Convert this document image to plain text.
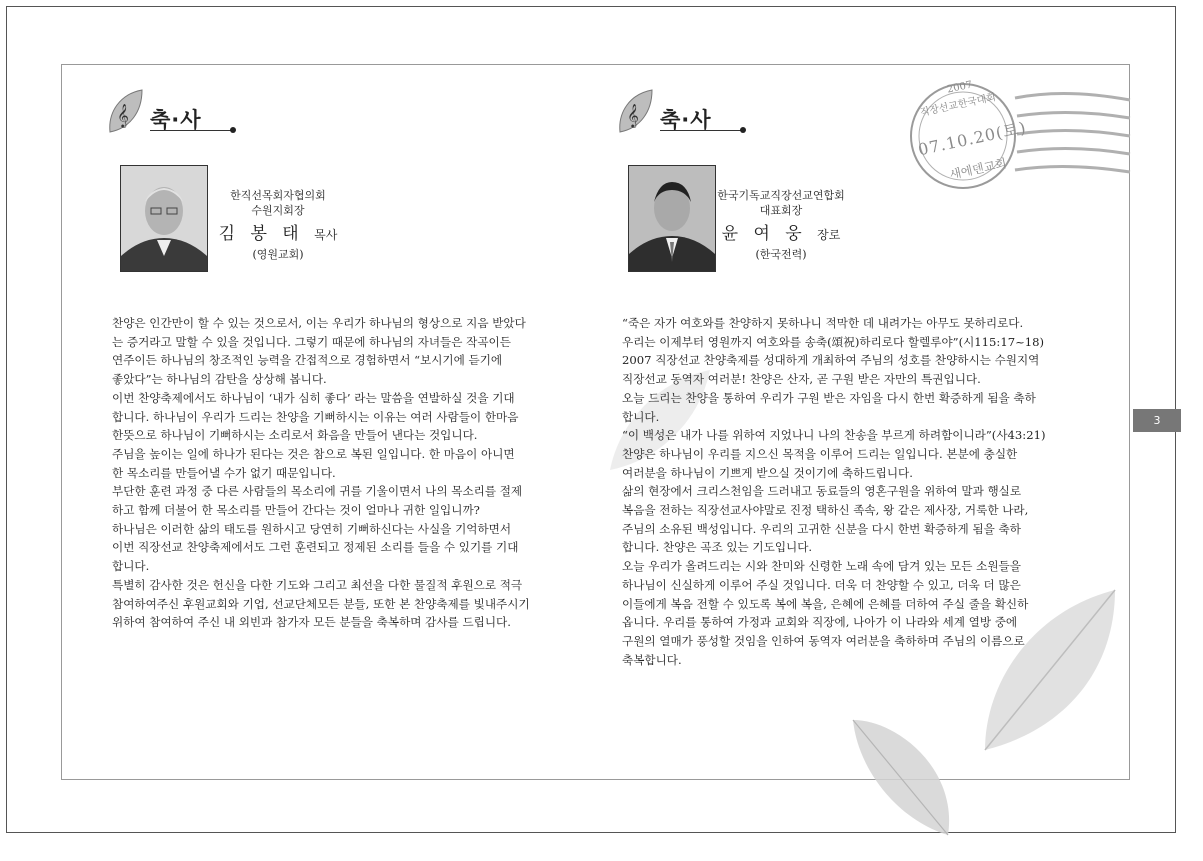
3
2007
직장선교한국대회
07.10.20(토)
새에덴교회
𝄞 축·사
한직선목회자협의회
수원지회장
김 봉 태 목사
(영원교회)

찬양은 인간만이 할 수 있는 것으로서, 이는 우리가 하나님의 형상으로 지음 받았다

는 증거라고 말할 수 있을 것입니다. 그렇기 때문에 하나님의 자녀들은 작곡이든

연주이든 하나님의 창조적인 능력을 간접적으로 경험하면서 “보시기에 듣기에

좋았다”는 하나님의 감탄을 상상해 봅니다.

이번 찬양축제에서도 하나님이 ‘내가 심히 좋다’ 라는 말씀을 연발하실 것을 기대

합니다. 하나님이 우리가 드리는 찬양을 기뻐하시는 이유는 여러 사람들이 한마음

한뜻으로 하나님이 기뻐하시는 소리로서 화음을 만들어 낸다는 것입니다.

주님을 높이는 일에 하나가 된다는 것은 참으로 복된 일입니다. 한 마음이 아니면

한 목소리를 만들어낼 수가 없기 때문입니다.

부단한 훈련 과정 중 다른 사람들의 목소리에 귀를 기울이면서 나의 목소리를 절제

하고 함께 더불어 한 목소리를 만들어 간다는 것이 얼마나 귀한 일입니까?

하나님은 이러한 삶의 태도를 원하시고 당연히 기뻐하신다는 사실을 기억하면서

이번 직장선교 찬양축제에서도 그런 훈련되고 정제된 소리를 들을 수 있기를 기대

합니다.

특별히 감사한 것은 헌신을 다한 기도와 그리고 최선을 다한 물질적 후원으로 적극

참여하여주신 후원교회와 기업, 선교단체모든 분들, 또한 본 찬양축제를 빛내주시기

위하여 참여하여 주신 내 외빈과 참가자 모든 분들을 축복하며 감사를 드립니다.

𝄞 축·사
한국기독교직장선교연합회
대표회장
윤 여 웅 장로
(한국전력)

“죽은 자가 여호와를 찬양하지 못하나니 적막한 데 내려가는 아무도 못하리로다.

우리는 이제부터 영원까지 여호와를 송축(頌祝)하리로다 할렐루야”(시115:17~18)

2007 직장선교 찬양축제를 성대하게 개최하여 주님의 성호를 찬양하시는 수원지역

직장선교 동역자 여러분! 찬양은 산자, 곧 구원 받은 자만의 특권입니다.

오늘 드리는 찬양을 통하여 우리가 구원 받은 자임을 다시 한번 확증하게 됨을 축하

합니다.

“이 백성은 내가 나를 위하여 지었나니 나의 찬송을 부르게 하려함이니라”(사43:21)

찬양은 하나님이 우리를 지으신 목적을 이루어 드리는 일입니다. 본분에 충실한

여러분을 하나님이 기쁘게 받으실 것이기에 축하드립니다.

삶의 현장에서 크리스천임을 드러내고 동료들의 영혼구원을 위하여 말과 행실로

복음을 전하는 직장선교사야말로 진정 택하신 족속, 왕 같은 제사장, 거룩한 나라,

주님의 소유된 백성입니다. 우리의 고귀한 신분을 다시 한번 확증하게 됨을 축하

합니다. 찬양은 곡조 있는 기도입니다.

오늘 우리가 올려드리는 시와 찬미와 신령한 노래 속에 담겨 있는 모든 소원들을

하나님이 신실하게 이루어 주실 것입니다. 더욱 더 찬양할 수 있고, 더욱 더 많은

이들에게 복음 전할 수 있도록 복에 복을, 은혜에 은혜를 더하여 주실 줄을 확신하

옵니다. 우리를 통하여 가정과 교회와 직장에, 나아가 이 나라와 세계 열방 중에

구원의 열매가 풍성할 것임을 인하여 동역자 여러분을 축하하며 주님의 이름으로

축복합니다.
